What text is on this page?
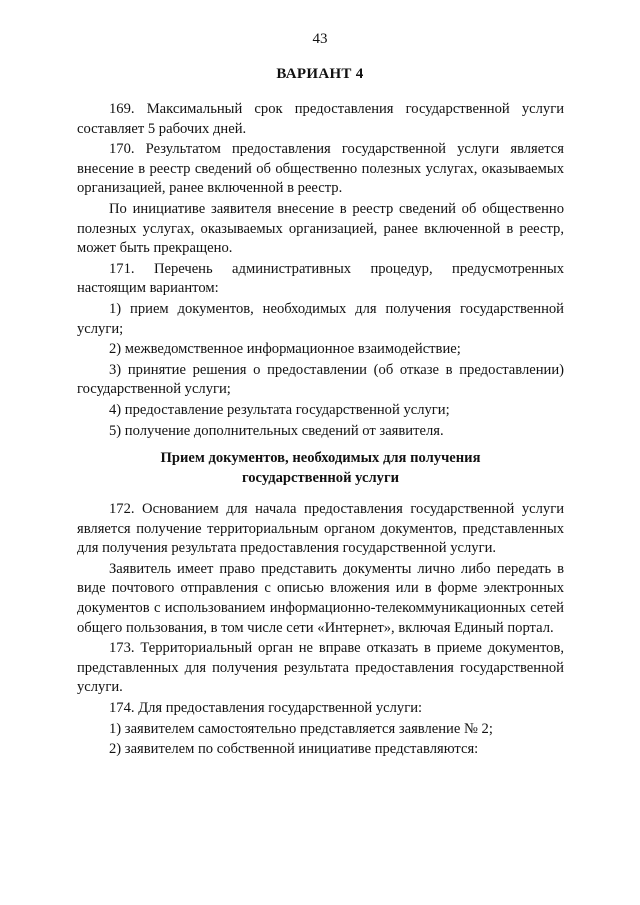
43
ВАРИАНТ 4

169. Максимальный срок предоставления государственной услуги составляет 5 рабочих дней.

170. Результатом предоставления государственной услуги является внесение в реестр сведений об общественно полезных услугах, оказываемых организацией, ранее включенной в реестр.

По инициативе заявителя внесение в реестр сведений об общественно полезных услугах, оказываемых организацией, ранее включенной в реестр, может быть прекращено.

171. Перечень административных процедур, предусмотренных настоящим вариантом:

1) прием документов, необходимых для получения государственной услуги;

2) межведомственное информационное взаимодействие;

3) принятие решения о предоставлении (об отказе в предоставлении) государственной услуги;

4) предоставление результата государственной услуги;

5) получение дополнительных сведений от заявителя.

Прием документов, необходимых для получения
государственной услуги

172. Основанием для начала предоставления государственной услуги является получение территориальным органом документов, представленных для получения результата предоставления государственной услуги.

Заявитель имеет право представить документы лично либо передать в виде почтового отправления с описью вложения или в форме электронных документов с использованием информационно-телекоммуникационных сетей общего пользования, в том числе сети «Интернет», включая Единый портал.

173. Территориальный орган не вправе отказать в приеме документов, представленных для получения результата предоставления государственной услуги.

174. Для предоставления государственной услуги:

1) заявителем самостоятельно представляется заявление № 2;

2) заявителем по собственной инициативе представляются:
